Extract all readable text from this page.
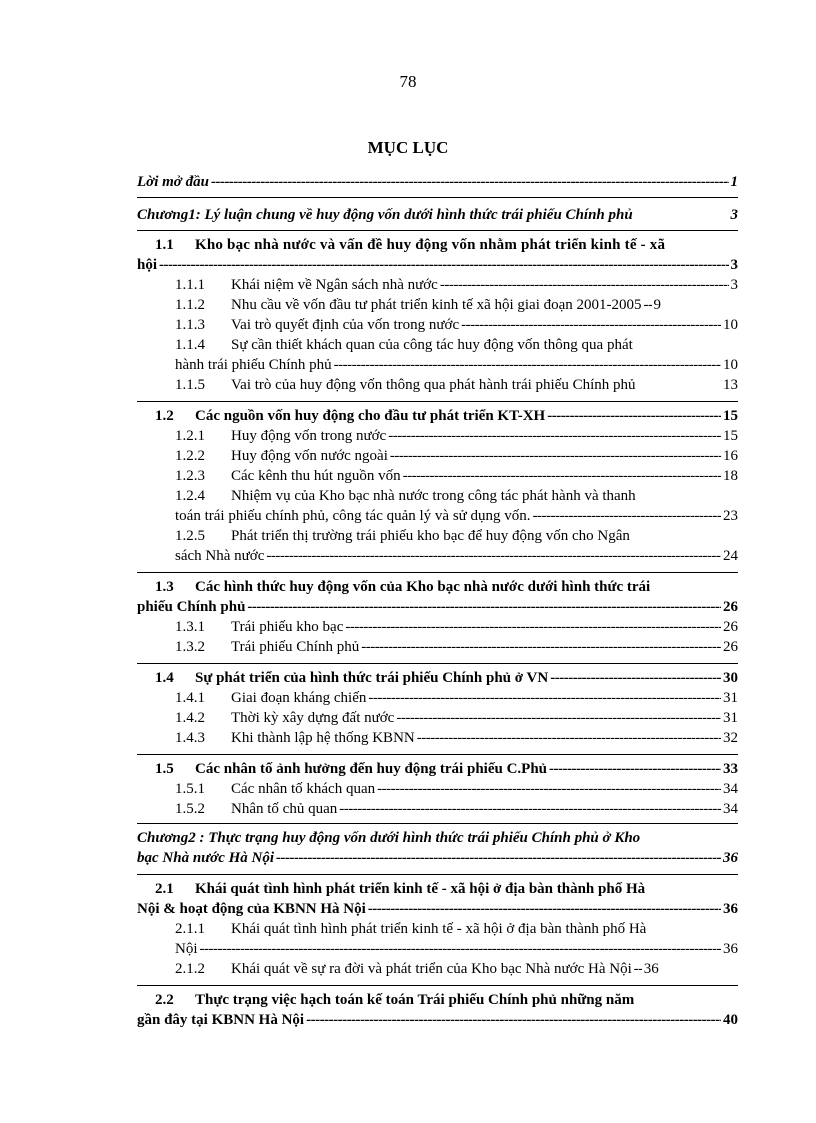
78
MỤC LỤC
Lời mở đầu -----	1
Chương1: Lý luận chung về huy động vốn dưới hình thức trái phiếu Chính phủ	3
1.1	Kho bạc nhà nước và vấn đề huy động vốn nhằm phát triển kinh tế - xã
hội -----	3
1.1.1	Khái niệm về Ngân sách nhà nước -----	3
1.1.2	Nhu cầu về vốn đầu tư phát triển kinh tế xã hội giai đoạn 2001-2005 ----- 9
1.1.3	Vai trò quyết định của vốn trong nước -----	10
1.1.4	Sự cần thiết khách quan của công tác huy động vốn thông qua phát
hành trái phiếu Chính phủ -----	10
1.1.5	Vai trò của huy động vốn thông qua phát hành trái phiếu Chính phủ	13
1.2	Các nguồn vốn huy động cho đầu tư phát triển KT-XH -----	15
1.2.1	Huy động vốn trong nước -----	15
1.2.2	Huy động vốn nước ngoài -----	16
1.2.3	Các kênh thu hút nguồn vốn -----	18
1.2.4	Nhiệm vụ của Kho bạc nhà nước trong công tác phát hành và thanh
toán trái phiếu chính phủ, công tác quản lý và sử dụng vốn. -----	23
1.2.5	Phát triển thị trường trái phiếu kho bạc để huy động vốn cho Ngân
sách Nhà nước -----	24
1.3	Các hình thức huy động vốn của Kho bạc nhà nước dưới hình thức trái
phiếu Chính phủ -----	26
1.3.1	Trái phiếu kho bạc -----	26
1.3.2	Trái phiếu Chính phủ -----	26
1.4	Sự phát triển của hình thức trái phiếu Chính phủ ở VN -----	30
1.4.1	Giai đoạn kháng chiến -----	31
1.4.2	Thời kỳ xây dựng đất nước -----	31
1.4.3	Khi thành lập hệ thống KBNN -----	32
1.5	Các nhân tố ảnh hưởng đến huy động trái phiếu C.Phủ -----	33
1.5.1	Các nhân tố khách quan -----	34
1.5.2	Nhân tố chủ quan -----	34
Chương2 : Thực trạng huy động vốn dưới hình thức trái phiếu Chính phủ ở Kho
bạc Nhà nước Hà Nội -----	36
2.1	Khái quát tình hình phát triển kinh tế - xã hội ở địa bàn thành phố Hà
Nội & hoạt động của KBNN Hà Nội -----	36
2.1.1	Khái quát tình hình phát triển kinh tế - xã hội ở địa bàn thành phố Hà
Nội -----	36
2.1.2	Khái quát về sự ra đời và phát triển của Kho bạc Nhà nước Hà Nội ----- 36
2.2	Thực trạng việc hạch toán kế toán Trái phiếu Chính phủ những năm
gần đây tại KBNN Hà Nội -----	40
